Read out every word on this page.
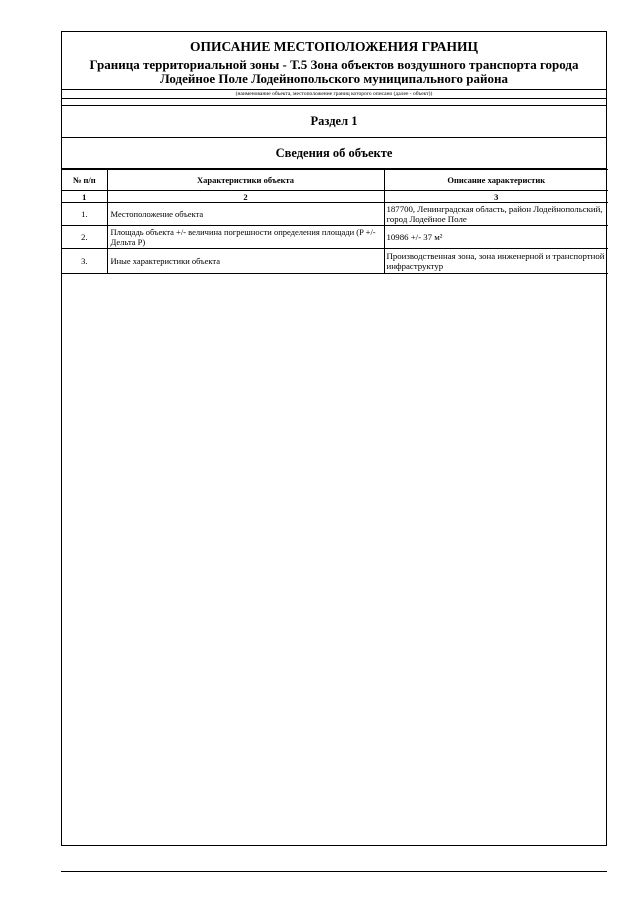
ОПИСАНИЕ МЕСТОПОЛОЖЕНИЯ ГРАНИЦ
Граница территориальной зоны - Т.5 Зона объектов воздушного транспорта города Лодейное Поле Лодейнопольского муниципального района
(наименование объекта, местоположение границ которого описано (далее - объект))
Раздел 1
Сведения об объекте
№ п/п	Характеристики объекта	Описание характеристик
1	2	3
1.	Местоположение объекта	187700, Ленинградская область, район Лодейнопольский, город Лодейное Поле
2.	Площадь объекта +/- величина погрешности определения площади (P +/- Дельта P)	10986 +/- 37 м²
3.	Иные характеристики объекта	Производственная зона, зона инженерной и транспортной инфраструктур
